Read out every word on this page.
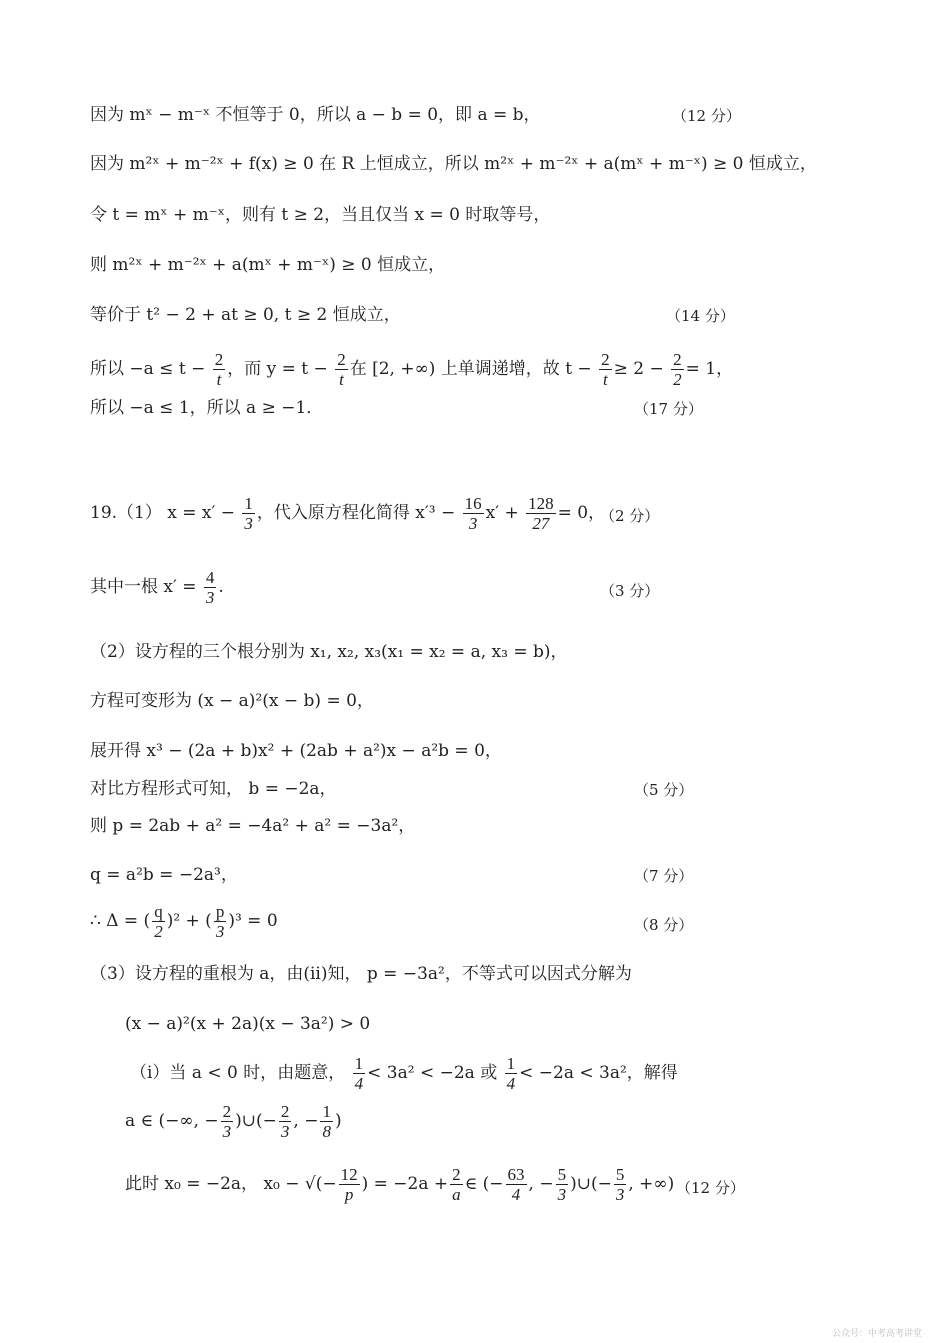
因为 mˣ − m⁻ˣ 不恒等于 0，所以 a − b = 0，即 a = b，	（12 分）
因为 m²ˣ + m⁻²ˣ + f(x) ≥ 0 在 R 上恒成立，所以 m²ˣ + m⁻²ˣ + a(mˣ + m⁻ˣ) ≥ 0 恒成立，
令 t = mˣ + m⁻ˣ，则有 t ≥ 2，当且仅当 x = 0 时取等号，
则 m²ˣ + m⁻²ˣ + a(mˣ + m⁻ˣ) ≥ 0 恒成立，
等价于 t² − 2 + at ≥ 0, t ≥ 2 恒成立，	（14 分）
所以 $-a \le t - \frac{2}{t}$ ，而 $y = t - \frac{2}{t}$ 在 [2, +∞) 上单调递增，故 $t - \frac{2}{t} \ge 2 - \frac{2}{2} = 1$，
所以 −a ≤ 1，所以 a ≥ −1．	（17 分）
19.（1） $x = x' - \frac{1}{3}$ ，代入原方程化简得 $x'^3 - \frac{16}{3} x' + \frac{128}{27} = 0$，
（2 分）
其中一根 $x' = \frac{4}{3}$ .	（3 分）
（2）设方程的三个根分别为 x₁, x₂, x₃(x₁ = x₂ = a, x₃ = b)，
方程可变形为 (x − a)²(x − b) = 0，
展开得 x³ − (2a + b)x² + (2ab + a²)x − a²b = 0，
对比方程形式可知， b = −2a，	（5 分）
则 p = 2ab + a² = −4a² + a² = −3a²，
q = a²b = −2a³，	（7 分）
∴ Δ = ( $\frac{q}{2} )^2$ + ( $\frac{p}{3} )^3 = 0$	（8 分）
（3）设方程的重根为 a，由(ii)知， p = −3a²，不等式可以因式分解为
(x − a)²(x + 2a)(x − 3a²) > 0
（i）当 a < 0 时，由题意， $\frac{1}{4} < 3a^2 < -2a$ 或 $\frac{1}{4} < -2a < 3a^2$，解得
a ∈ (−∞, − $\frac{2}{3}$ )∪(− $\frac{2}{3}$ , − $\frac{1}{8}$ )
此时 x₀ = −2a， x₀ − √(− $\frac{12}{p}$ ) = $-2a + \frac{2}{a}$ ∈ (− $\frac{63}{4}$ , − $\frac{5}{3}$ )∪(− $\frac{5}{3}$ , +∞) （12 分）
公众号：中考高考讲堂
